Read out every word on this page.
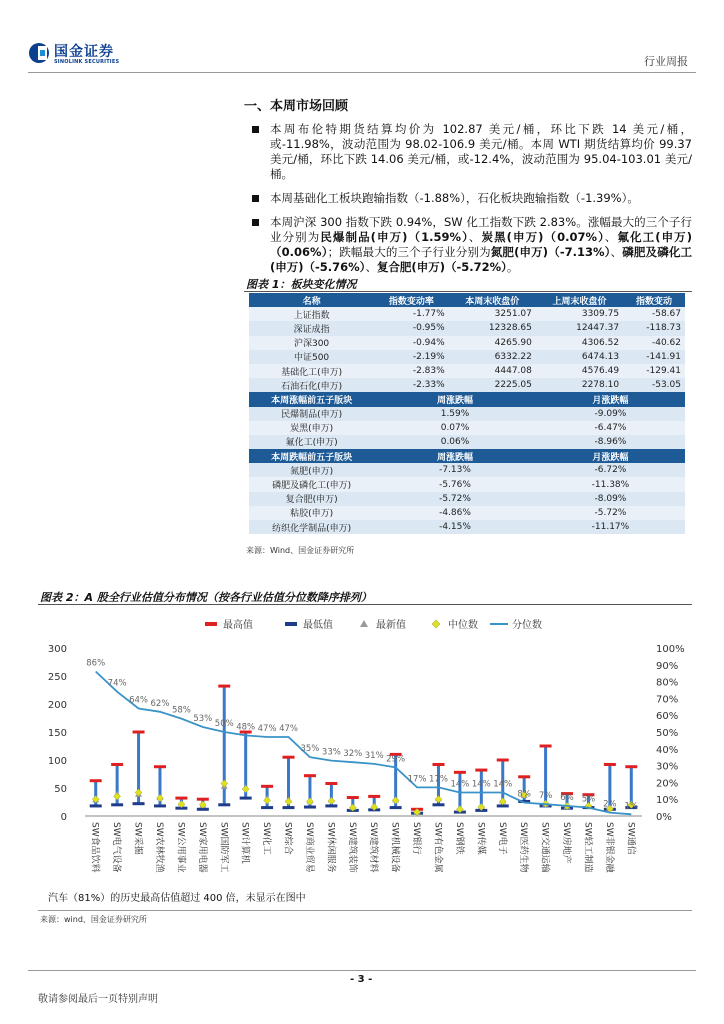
国金证券
SINOLINK SECURITIES	行业周报
一、本周市场回顾
本周布伦特期货结算均价为 102.87 美元/桶，环比下跌 14 美元/桶，或-11.98%，波动范围为 98.02-106.9 美元/桶。本周 WTI 期货结算均价 99.37 美元/桶，环比下跌 14.06 美元/桶，或-12.4%，波动范围为 95.04-103.01 美元/桶。
本周基础化工板块跑输指数（-1.88%），石化板块跑输指数（-1.39%）。
本周沪深 300 指数下跌 0.94%，SW 化工指数下跌 2.83%。涨幅最大的三个子行业分别为民爆制品(申万)（1.59%）、炭黑(申万)（0.07%）、氟化工(申万)（0.06%）；跌幅最大的三个子行业分别为氮肥(申万)（-7.13%）、磷肥及磷化工(申万)（-5.76%）、复合肥(申万)（-5.72%）。
图表 1：板块变化情况
名称	指数变动率	本周末收盘价	上周末收盘价	指数变动
上证指数	-1.77%	3251.07	3309.75	-58.67
深证成指	-0.95%	12328.65	12447.37	-118.73
沪深300	-0.94%	4265.90	4306.52	-40.62
中证500	-2.19%	6332.22	6474.13	-141.91
基础化工(申万)	-2.83%	4447.08	4576.49	-129.41
石油石化(申万)	-2.33%	2225.05	2278.10	-53.05
本周涨幅前五子版块	周涨跌幅		月涨跌幅	
民爆制品(申万)	1.59%		-9.09%	
炭黑(申万)	0.07%		-6.47%	
氟化工(申万)	0.06%		-8.96%	
本周跌幅前五子版块	周涨跌幅		月涨跌幅	
氮肥(申万)	-7.13%		-6.72%	
磷肥及磷化工(申万)	-5.76%		-11.38%	
复合肥(申万)	-5.72%		-8.09%	
粘胶(申万)	-4.86%		-5.72%	
纺织化学制品(申万)	-4.15%		-11.17%	
来源：Wind、国金证券研究所
图表 2：A 股全行业估值分布情况（按各行业估值分位数降序排列）
最高值	最低值	最新值	中位数	分位数
0
50
100
150
200
250
300
0%
10%
20%
30%
40%
50%
60%
70%
80%
90%
100%
86%
74%
64% 62%
58%
53%
50% 48% 47% 47%
35% 33% 32% 31% 29%
17% 17%
14% 14% 14%
8% 7% 6% 5%
2% 1%
SW食品饮料 SW电气设备 SW采掘 SW农林牧渔 SW公用事业 SW家用电器 SW国防军工 SW计算机 SW化工 SW综合 SW商业贸易 SW休闲服务 SW建筑装饰 SW建筑材料 SW机械设备 SW银行 SW有色金属 SW钢铁 SW传媒 SW电子 SW医药生物 SW交通运输 SW房地产 SW轻工制造 SW非银金融 SW通信
汽车（81%）的历史最高估值超过 400 倍，未显示在图中
来源：wind、国金证券研究所
- 3 -
敬请参阅最后一页特别声明
